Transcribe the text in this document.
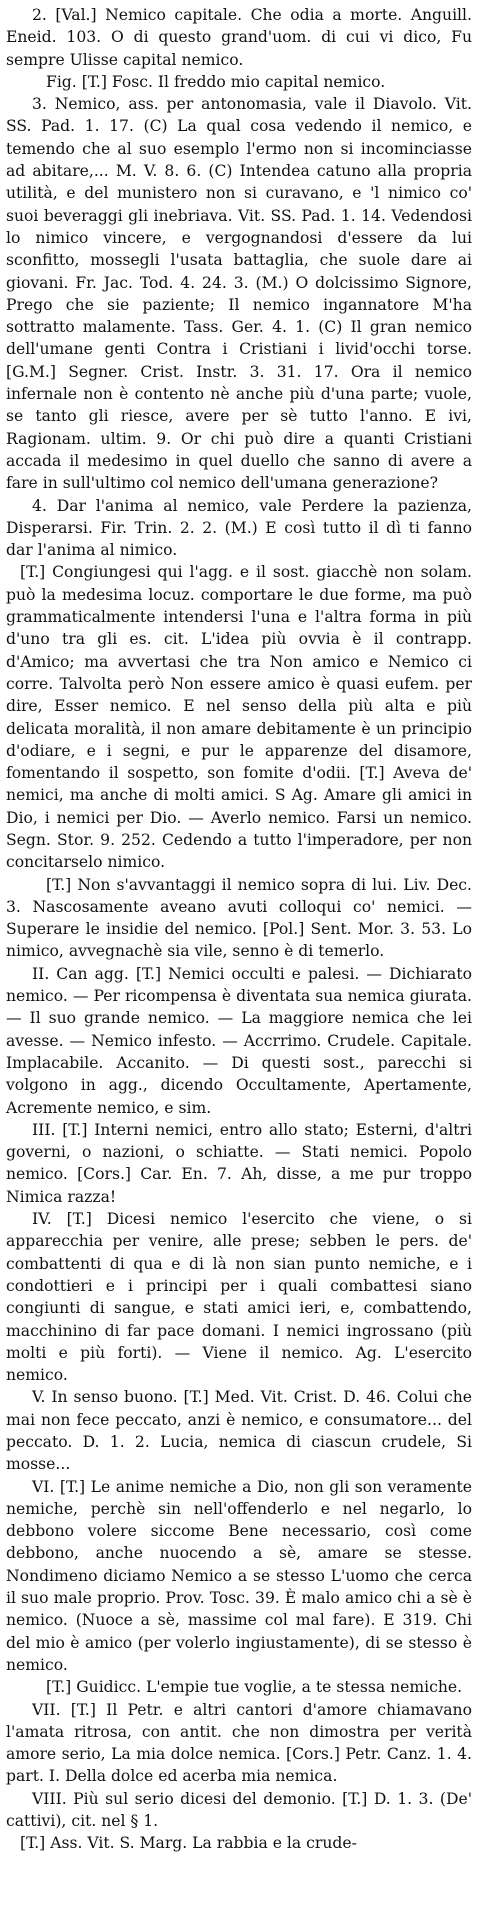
2. [Val.] Nemico capitale. Che odia a morte. Anguill. Eneid. 103. O di questo grand'uom. di cui vi dico, Fu sempre Ulisse capital nemico.

Fig. [T.] Fosc. Il freddo mio capital nemico.

3. Nemico, ass. per antonomasia, vale il Diavolo. Vit. SS. Pad. 1. 17. (C) La qual cosa vedendo il nemico, e temendo che al suo esemplo l'ermo non si incominciasse ad abitare,... M. V. 8. 6. (C) Intendea catuno alla propria utilità, e del munistero non si curavano, e 'l nimico co' suoi beveraggi gli inebriava. Vit. SS. Pad. 1. 14. Vedendosi lo nimico vincere, e vergognandosi d'essere da lui sconfitto, mossegli l'usata battaglia, che suole dare ai giovani. Fr. Jac. Tod. 4. 24. 3. (M.) O dolcissimo Signore, Prego che sie paziente; Il nemico ingannatore M'ha sottratto malamente. Tass. Ger. 4. 1. (C) Il gran nemico dell'umane genti Contra i Cristiani i livid'occhi torse. [G.M.] Segner. Crist. Instr. 3. 31. 17. Ora il nemico infernale non è contento nè anche più d'una parte; vuole, se tanto gli riesce, avere per sè tutto l'anno. E ivi, Ragionam. ultim. 9. Or chi può dire a quanti Cristiani accada il medesimo in quel duello che sanno di avere a fare in sull'ultimo col nemico dell'umana generazione?

4. Dar l'anima al nemico, vale Perdere la pazienza, Disperarsi. Fir. Trin. 2. 2. (M.) E così tutto il dì ti fanno dar l'anima al nimico.

[T.] Congiungesi qui l'agg. e il sost. giacchè non solam. può la medesima locuz. comportare le due forme, ma può grammaticalmente intendersi l'una e l'altra forma in più d'uno tra gli es. cit. L'idea più ovvia è il contrapp. d'Amico; ma avvertasi che tra Non amico e Nemico ci corre. Talvolta però Non essere amico è quasi eufem. per dire, Esser nemico. E nel senso della più alta e più delicata moralità, il non amare debitamente è un principio d'odiare, e i segni, e pur le apparenze del disamore, fomentando il sospetto, son fomite d'odii. [T.] Aveva de' nemici, ma anche di molti amici. S Ag. Amare gli amici in Dio, i nemici per Dio. — Averlo nemico. Farsi un nemico. Segn. Stor. 9. 252. Cedendo a tutto l'imperadore, per non concitarselo nimico.

[T.] Non s'avvantaggi il nemico sopra di lui. Liv. Dec. 3. Nascosamente aveano avuti colloqui co' nemici. — Superare le insidie del nemico. [Pol.] Sent. Mor. 3. 53. Lo nimico, avvegnachè sia vile, senno è di temerlo.

II. Can agg. [T.] Nemici occulti e palesi. — Dichiarato nemico. — Per ricompensa è diventata sua nemica giurata. — Il suo grande nemico. — La maggiore nemica che lei avesse. — Nemico infesto. — Accrrimo. Crudele. Capitale. Implacabile. Accanito. — Di questi sost., parecchi si volgono in agg., dicendo Occultamente, Apertamente, Acremente nemico, e sim.

III. [T.] Interni nemici, entro allo stato; Esterni, d'altri governi, o nazioni, o schiatte. — Stati nemici. Popolo nemico. [Cors.] Car. En. 7. Ah, disse, a me pur troppo Nimica razza!

IV. [T.] Dicesi nemico l'esercito che viene, o si apparecchia per venire, alle prese; sebben le pers. de' combattenti di qua e di là non sian punto nemiche, e i condottieri e i principi per i quali combattesi siano congiunti di sangue, e stati amici ieri, e, combattendo, macchinino di far pace domani. I nemici ingrossano (più molti e più forti). — Viene il nemico. Ag. L'esercito nemico.

V. In senso buono. [T.] Med. Vit. Crist. D. 46. Colui che mai non fece peccato, anzi è nemico, e consumatore... del peccato. D. 1. 2. Lucia, nemica di ciascun crudele, Si mosse...

VI. [T.] Le anime nemiche a Dio, non gli son veramente nemiche, perchè sin nell'offenderlo e nel negarlo, lo debbono volere siccome Bene necessario, così come debbono, anche nuocendo a sè, amare se stesse. Nondimeno diciamo Nemico a se stesso L'uomo che cerca il suo male proprio. Prov. Tosc. 39. È malo amico chi a sè è nemico. (Nuoce a sè, massime col mal fare). E 319. Chi del mio è amico (per volerlo ingiustamente), di se stesso è nemico.

[T.] Guidicc. L'empie tue voglie, a te stessa nemiche.

VII. [T.] Il Petr. e altri cantori d'amore chiamavano l'amata ritrosa, con antit. che non dimostra per verità amore serio, La mia dolce nemica. [Cors.] Petr. Canz. 1. 4. part. I. Della dolce ed acerba mia nemica.

VIII. Più sul serio dicesi del demonio. [T.] D. 1. 3. (De' cattivi), cit. nel § 1.

[T.] Ass. Vit. S. Marg. La rabbia e la crude-
